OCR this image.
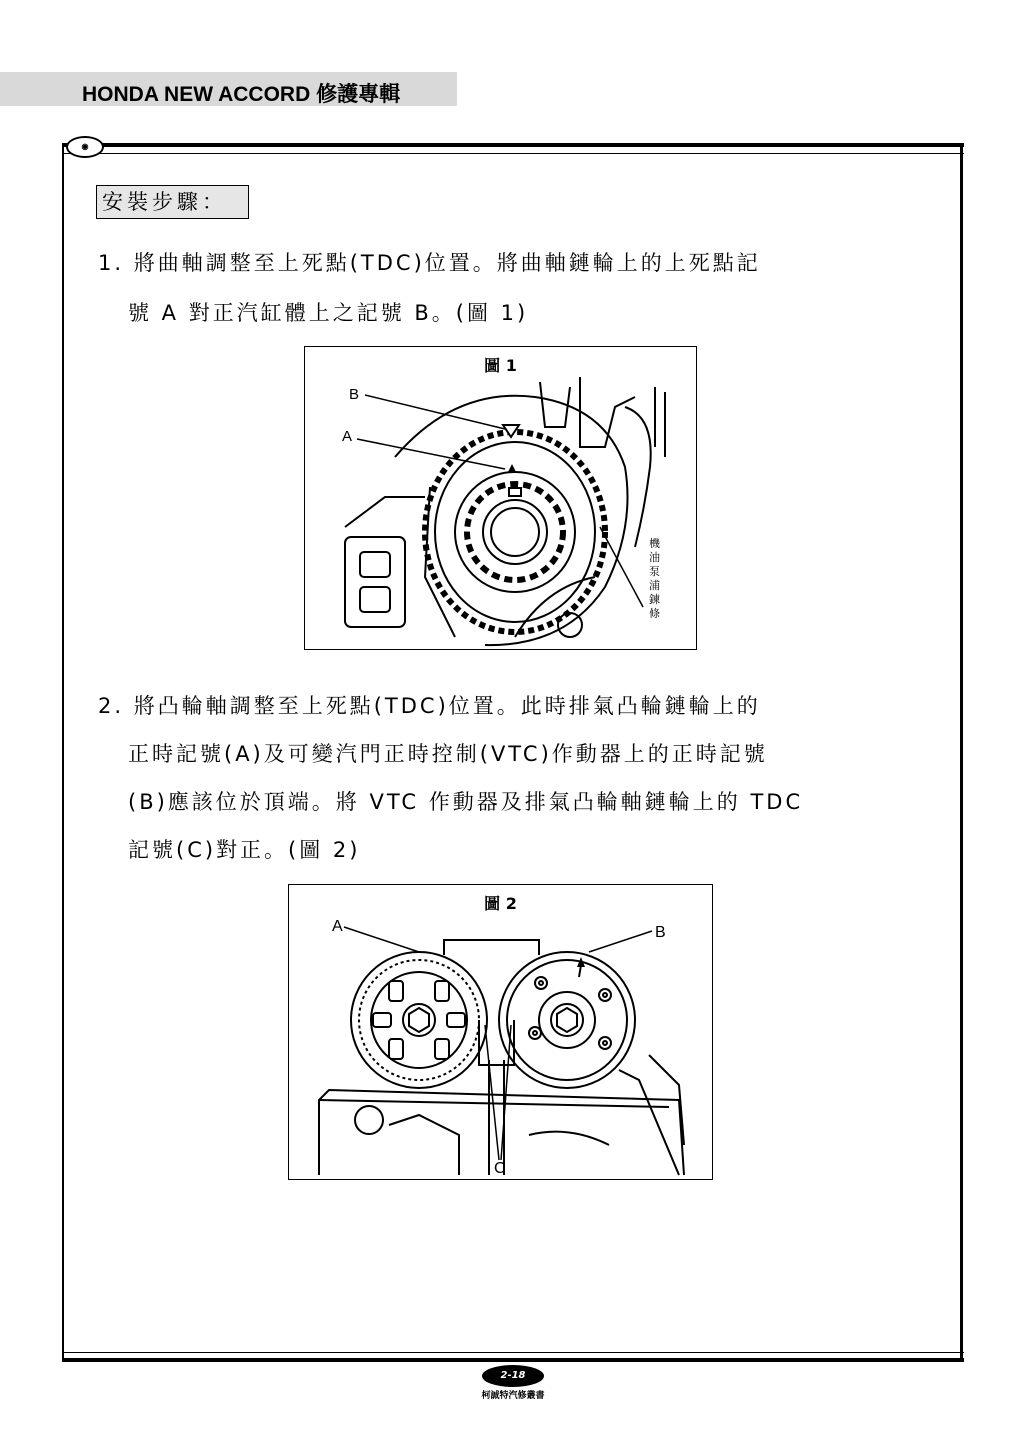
HONDA NEW ACCORD 修護專輯
◉
安裝步驟：
1. 將曲軸調整至上死點(TDC)位置。將曲軸鏈輪上的上死點記
號 A 對正汽缸體上之記號 B。(圖 1)
圖 1
B
A
機
油
泵
浦
鍊
條
2. 將凸輪軸調整至上死點(TDC)位置。此時排氣凸輪鏈輪上的
正時記號(A)及可變汽門正時控制(VTC)作動器上的正時記號
(B)應該位於頂端。將 VTC 作動器及排氣凸輪軸鏈輪上的 TDC
記號(C)對正。(圖 2)
圖 2
A	B
C
2-18
柯誠特汽修叢書
